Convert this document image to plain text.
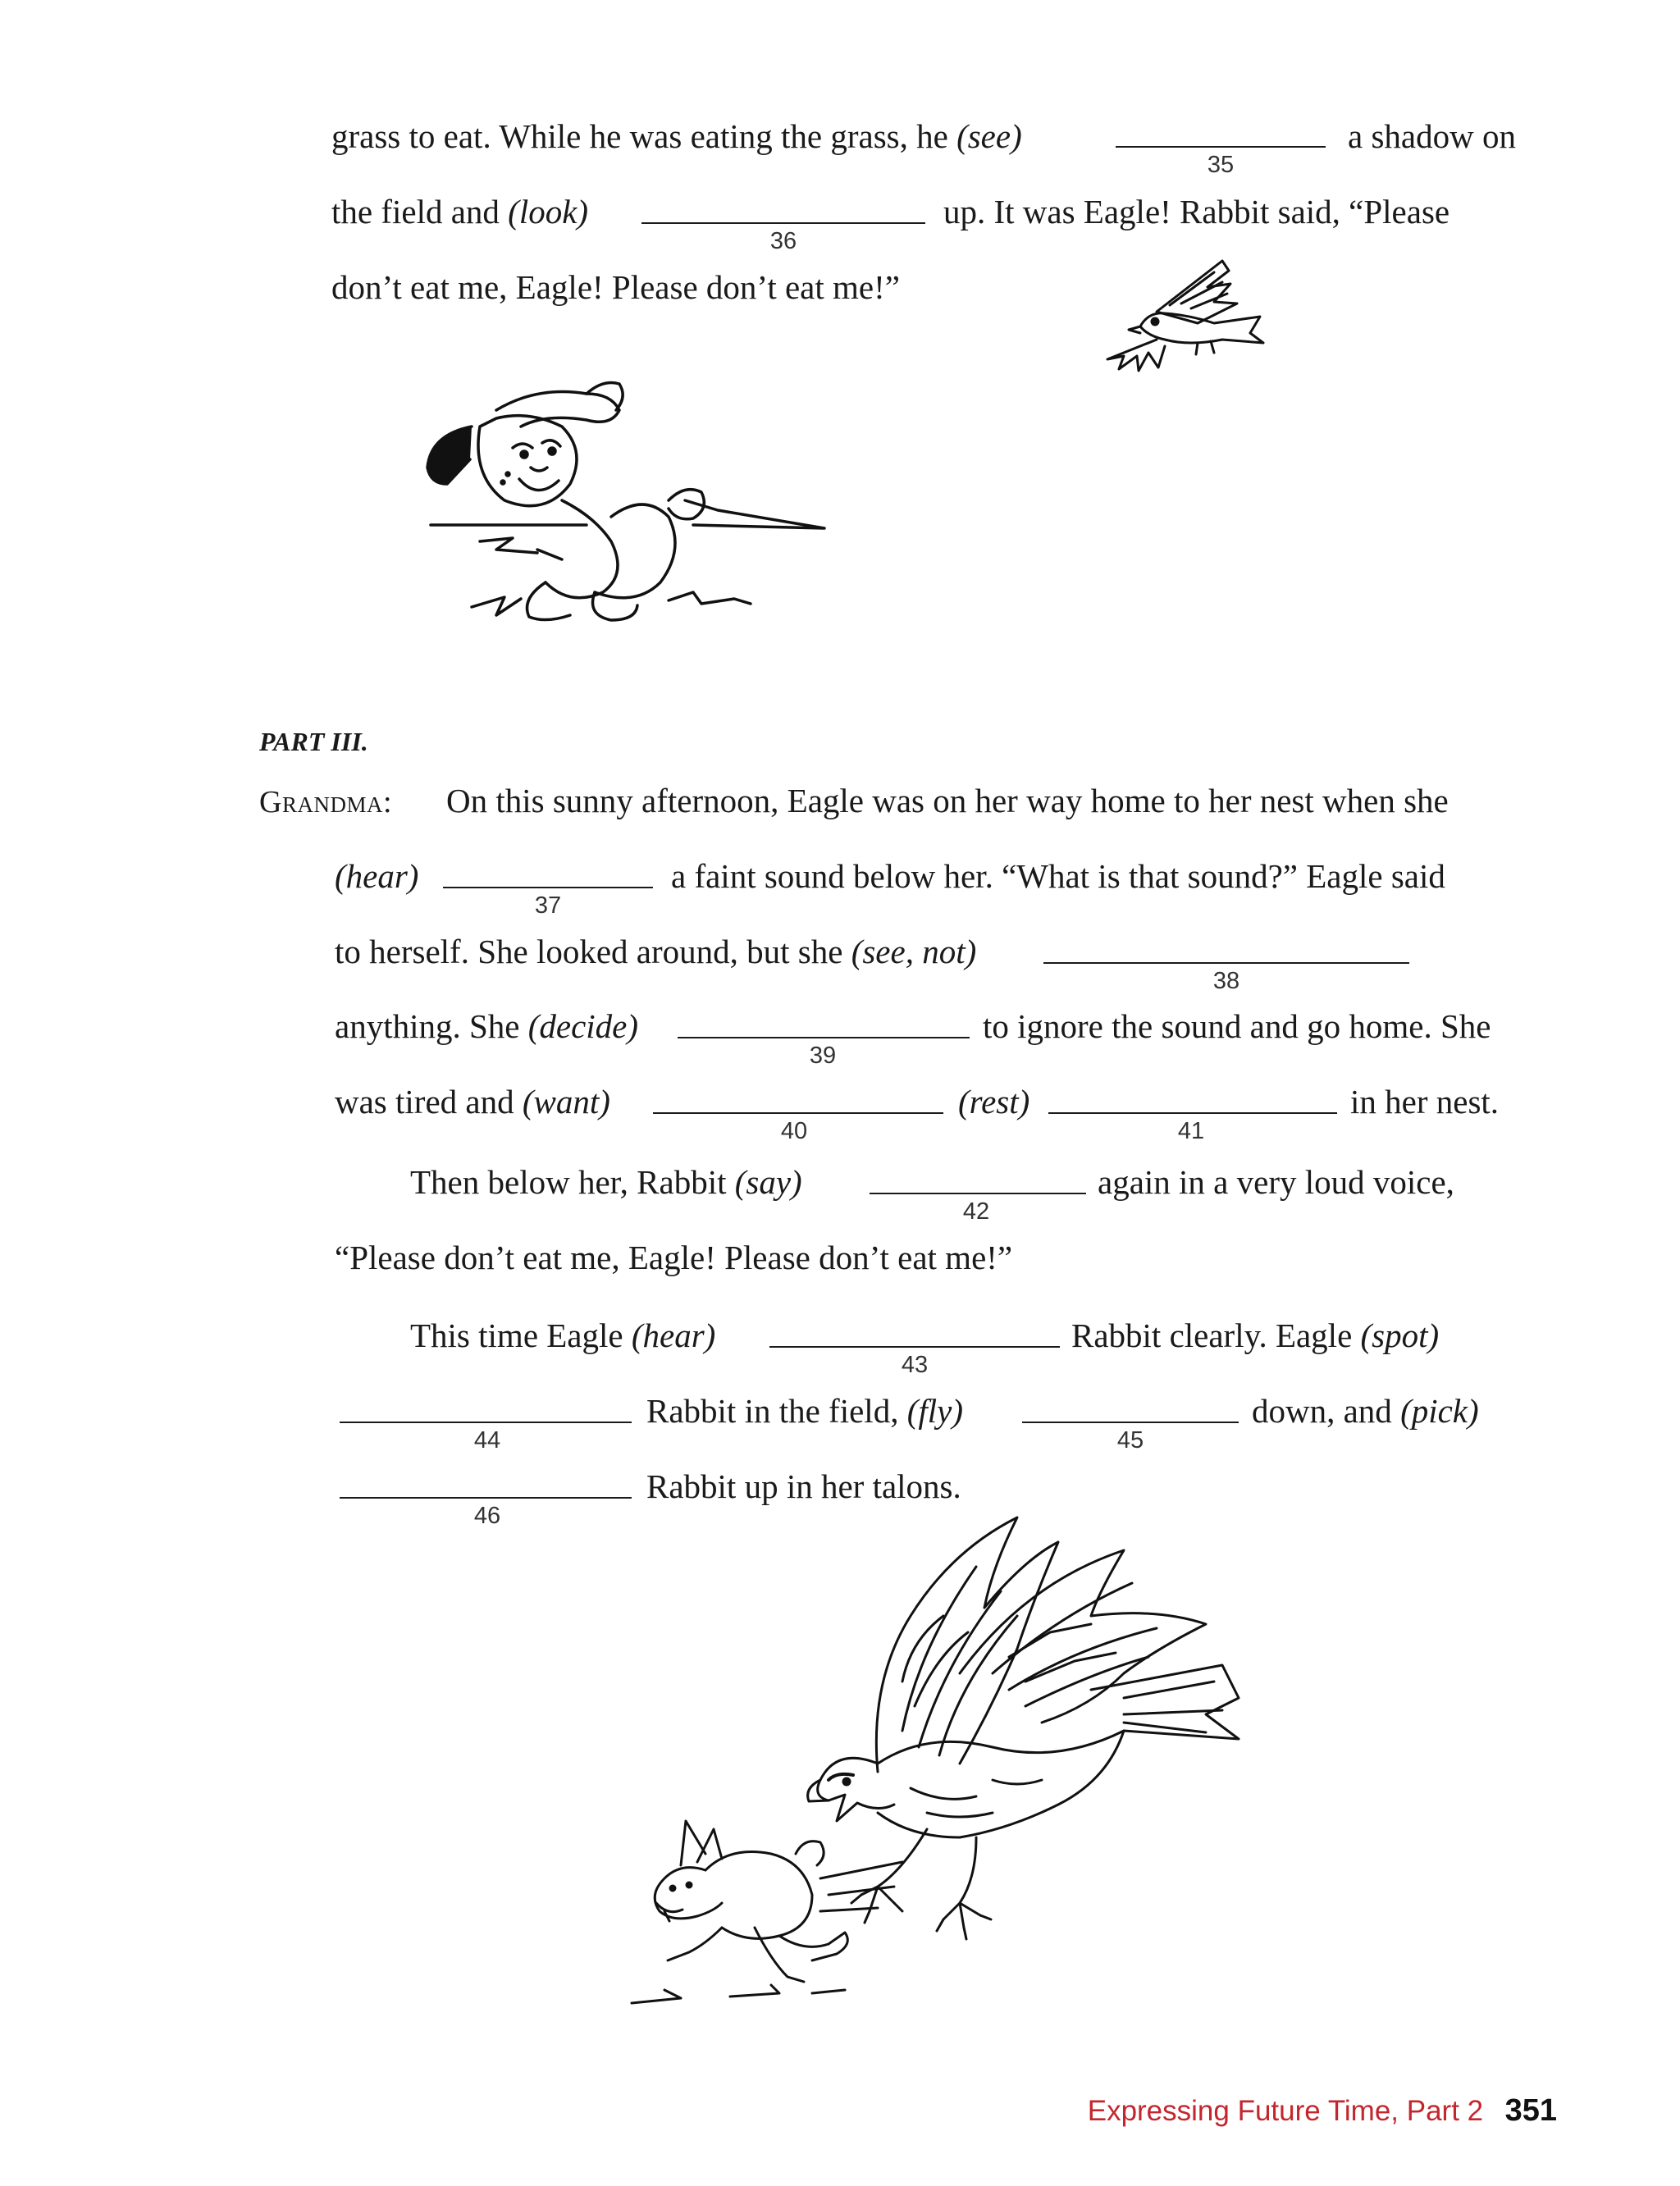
grass to eat. While he was eating the grass, he (see)
35
a shadow on
the field and (look)
36
up. It was Eagle! Rabbit said, “Please
don’t eat me, Eagle! Please don’t eat me!”
PART III.
Grandma: On this sunny afternoon, Eagle was on her way home to her nest when she
(hear)
37
a faint sound below her. “What is that sound?” Eagle said
to herself. She looked around, but she (see, not)
38
anything. She (decide)
39
to ignore the sound and go home. She
was tired and (want)
40
(rest)
41
in her nest.
Then below her, Rabbit (say)
42
again in a very loud voice,
“Please don’t eat me, Eagle! Please don’t eat me!”
This time Eagle (hear)
43
Rabbit clearly. Eagle (spot)
44
Rabbit in the field, (fly)
45
down, and (pick)
46
Rabbit up in her talons.
Expressing Future Time, Part 2 351
